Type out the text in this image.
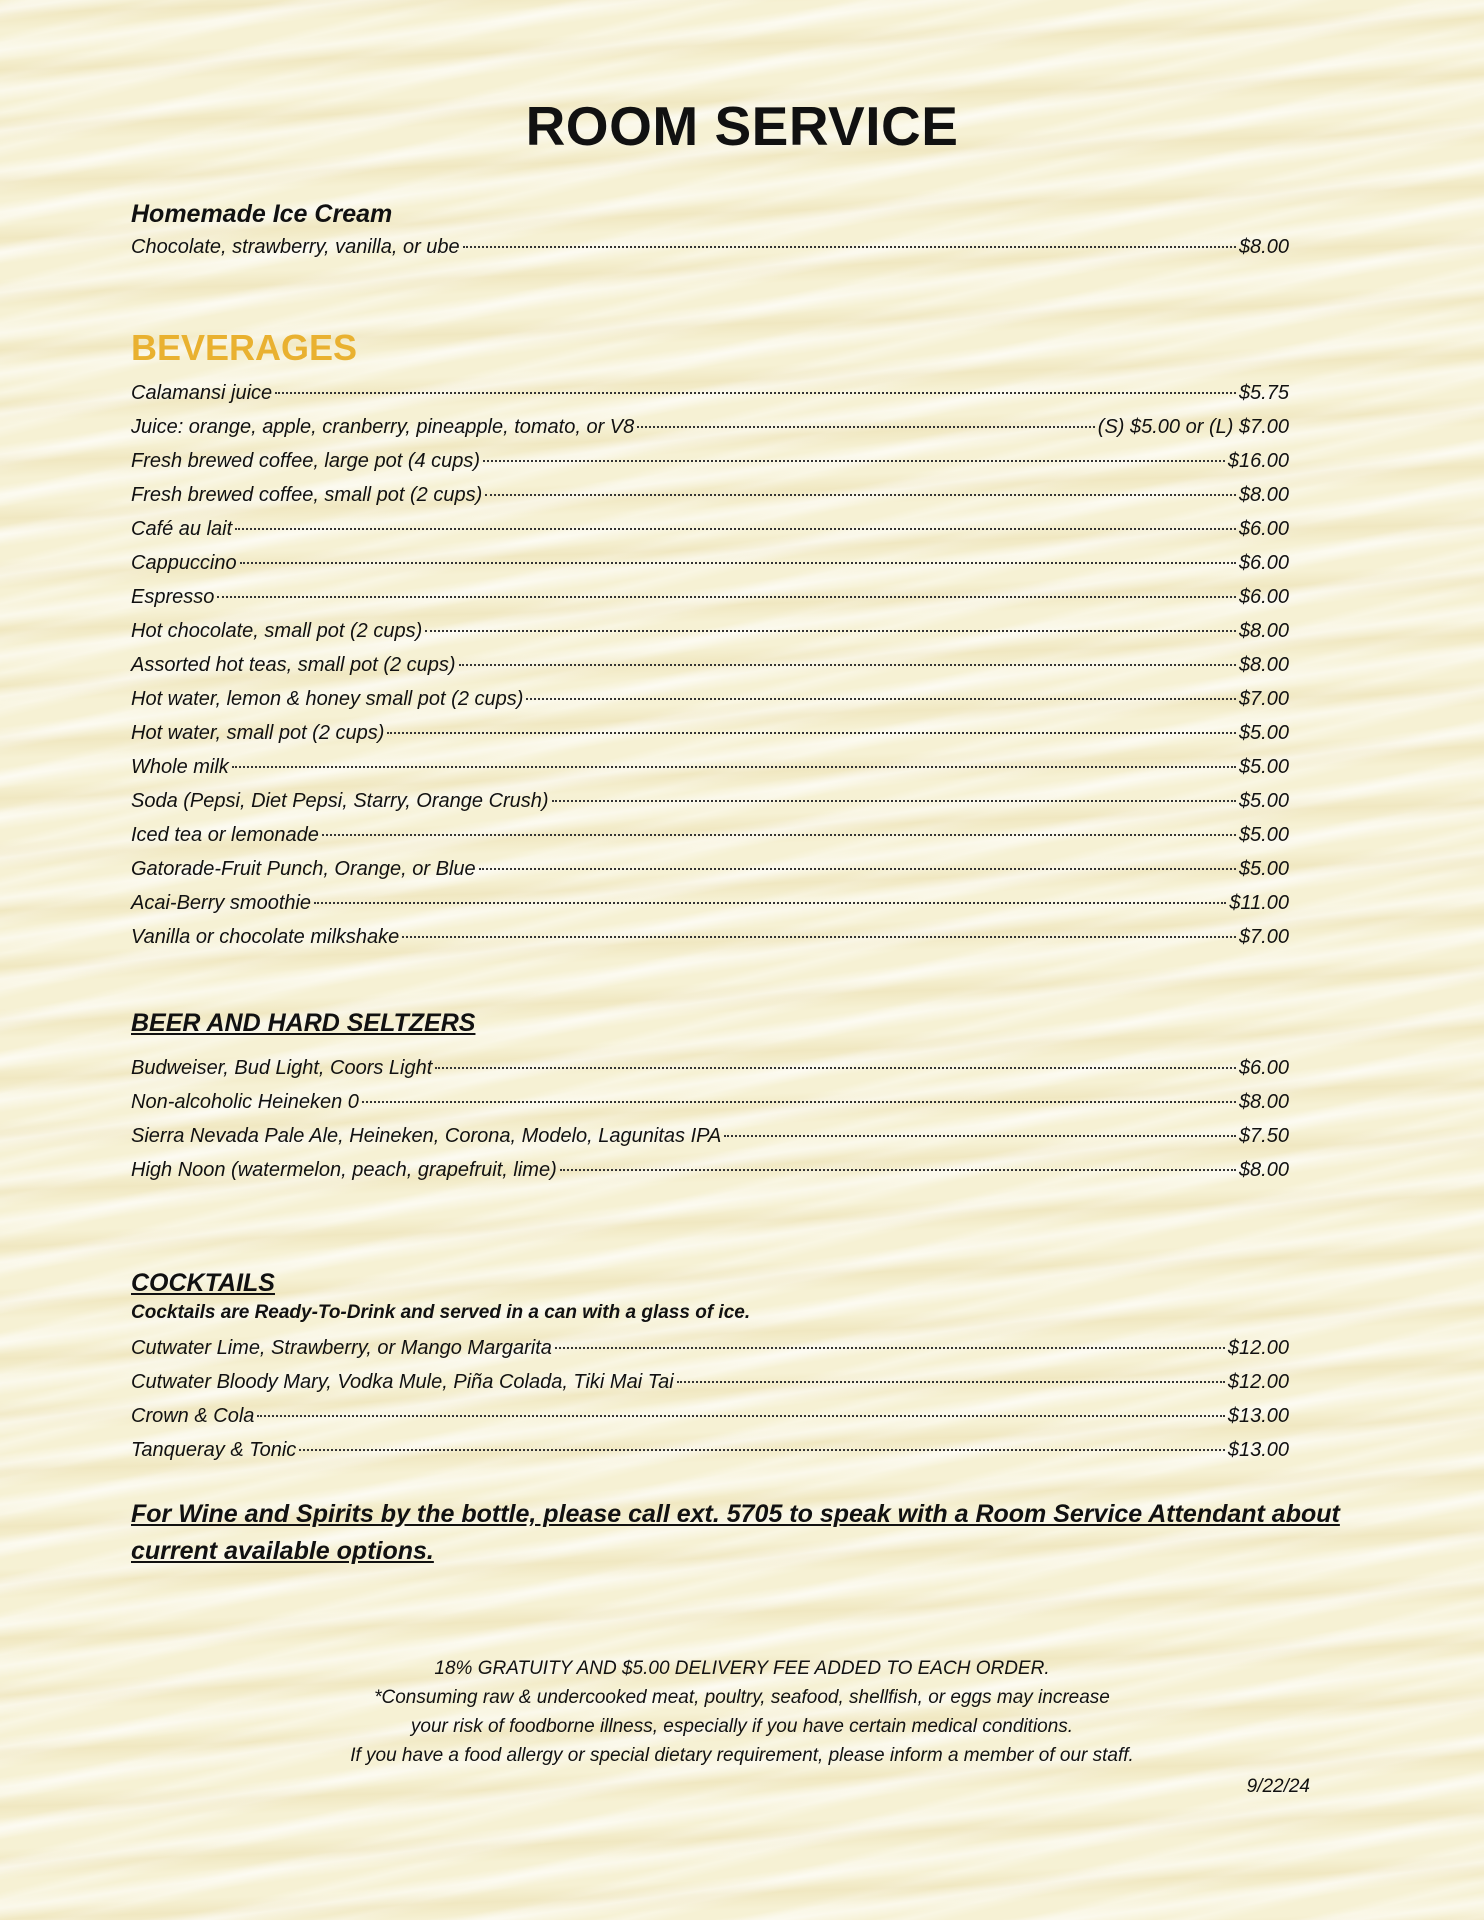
ROOM SERVICE
Homemade Ice Cream
Chocolate, strawberry, vanilla, or ube	$8.00
BEVERAGES
Calamansi juice	$5.75
Juice: orange, apple, cranberry, pineapple, tomato, or V8	(S) $5.00 or (L) $7.00
Fresh brewed coffee, large pot (4 cups)	$16.00
Fresh brewed coffee, small pot (2 cups)	$8.00
Café au lait	$6.00
Cappuccino	$6.00
Espresso	$6.00
Hot chocolate, small pot (2 cups)	$8.00
Assorted hot teas, small pot (2 cups)	$8.00
Hot water, lemon & honey small pot (2 cups)	$7.00
Hot water, small pot (2 cups)	$5.00
Whole milk	$5.00
Soda (Pepsi, Diet Pepsi, Starry, Orange Crush)	$5.00
Iced tea or lemonade	$5.00
Gatorade-Fruit Punch, Orange, or Blue	$5.00
Acai-Berry smoothie	$11.00
Vanilla or chocolate milkshake	$7.00
BEER AND HARD SELTZERS
Budweiser, Bud Light, Coors Light	$6.00
Non-alcoholic Heineken 0	$8.00
Sierra Nevada Pale Ale, Heineken, Corona, Modelo, Lagunitas IPA	$7.50
High Noon (watermelon, peach, grapefruit, lime)	$8.00
COCKTAILS
Cocktails are Ready-To-Drink and served in a can with a glass of ice.
Cutwater Lime, Strawberry, or Mango Margarita	$12.00
Cutwater Bloody Mary, Vodka Mule, Piña Colada, Tiki Mai Tai	$12.00
Crown & Cola	$13.00
Tanqueray & Tonic	$13.00
For Wine and Spirits by the bottle, please call ext. 5705 to speak with a Room Service Attendant about current available options.
18% GRATUITY AND $5.00 DELIVERY FEE ADDED TO EACH ORDER.
*Consuming raw & undercooked meat, poultry, seafood, shellfish, or eggs may increase
your risk of foodborne illness, especially if you have certain medical conditions.
If you have a food allergy or special dietary requirement, please inform a member of our staff.
9/22/24
